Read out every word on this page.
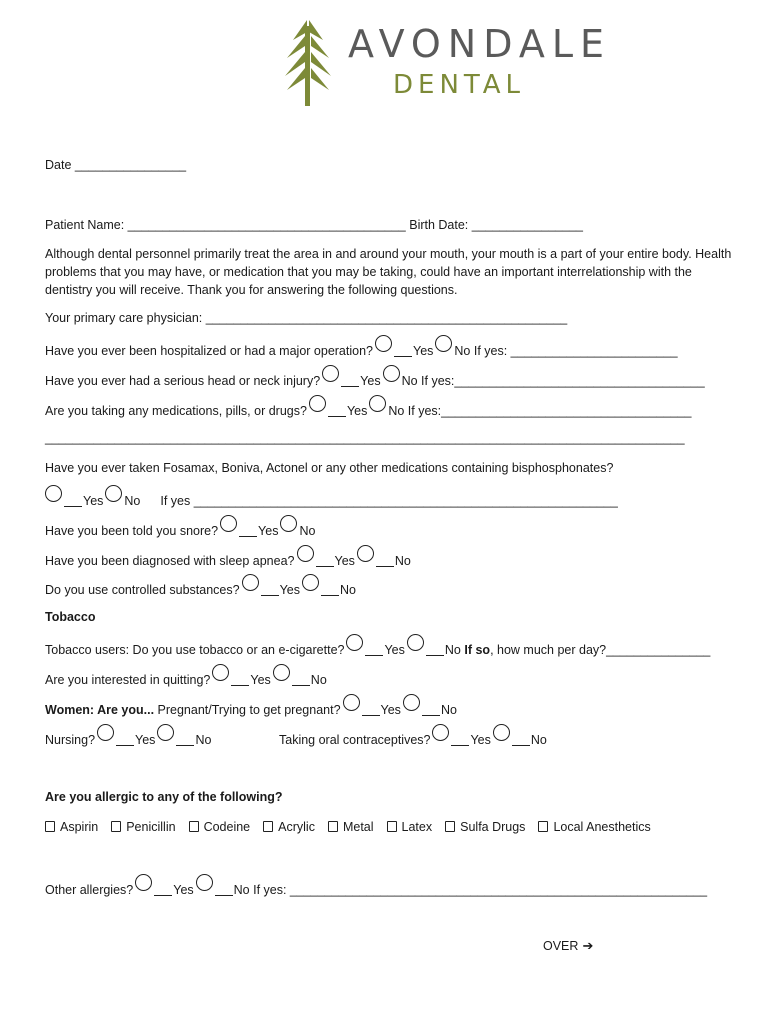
AVONDALE
DENTAL
Date ________________
Patient Name: ________________________________________ Birth Date: ________________
Although dental personnel primarily treat the area in and around your mouth, your mouth is a part of your entire body. Health problems that you may have, or medication that you may be taking, could have an important interrelationship with the dentistry you will receive. Thank you for answering the following questions.
Your primary care physician: ____________________________________________________
Have you ever been hospitalized or had a major operation?	Yes No If yes: ________________________
Have you ever had a serious head or neck injury?	Yes No If yes:____________________________________
Are you taking any medications, pills, or drugs?	Yes No If yes:____________________________________
____________________________________________________________________________________________
Have you ever taken Fosamax, Boniva, Actonel or any other medications containing bisphosphonates?
Yes No If yes _____________________________________________________________
Have you been told you snore?	Yes No
Have you been diagnosed with sleep apnea?	Yes	No
Do you use controlled substances?	Yes	No
Tobacco
Tobacco users: Do you use tobacco or an e-cigarette?	Yes	No If so, how much per day?_______________
Are you interested in quitting?	Yes	No
Women: Are you... Pregnant/Trying to get pregnant?	Yes	No
Nursing?	Yes	No	Taking oral contraceptives?	Yes	No
Are you allergic to any of the following?
Aspirin Penicillin Codeine Acrylic Metal Latex Sulfa Drugs Local Anesthetics
Other allergies?	Yes	No If yes: ____________________________________________________________
OVER ➔
